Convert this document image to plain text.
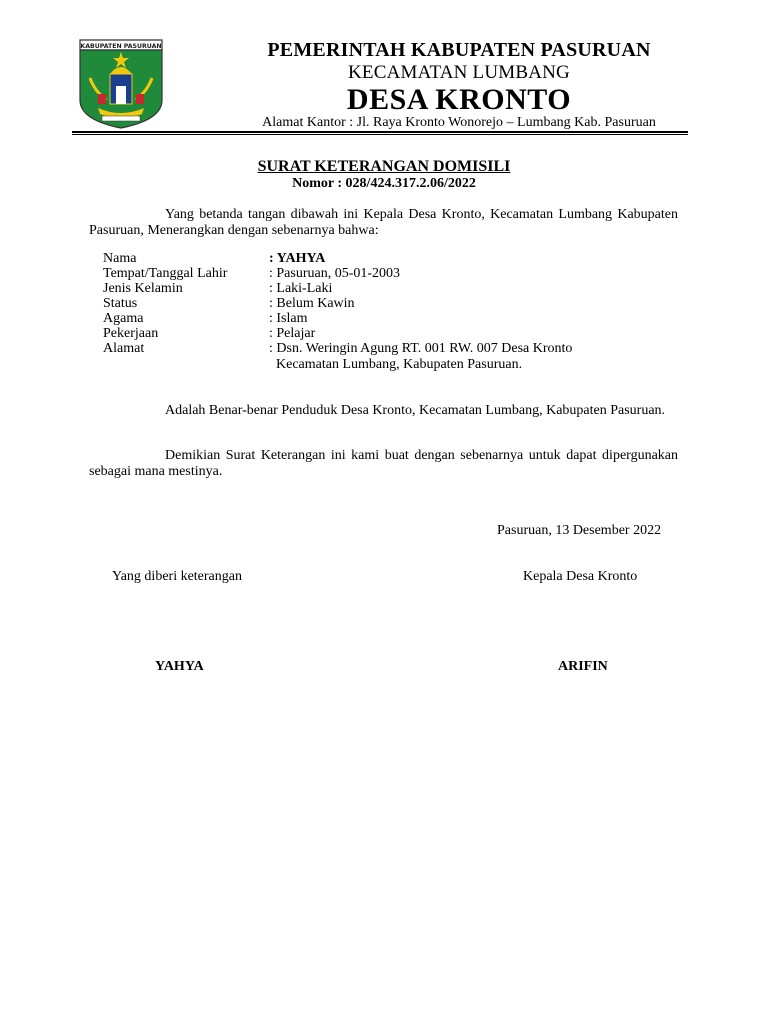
KABUPATEN PASURUAN	PEMERINTAH KABUPATEN PASURUAN
KECAMATAN LUMBANG
DESA KRONTO
Alamat Kantor : Jl. Raya Kronto Wonorejo – Lumbang Kab. Pasuruan
SURAT KETERANGAN DOMISILI
Nomor : 028/424.317.2.06/2022
Yang betanda tangan dibawah ini Kepala Desa Kronto, Kecamatan Lumbang Kabupaten Pasuruan, Menerangkan dengan sebenarnya bahwa:
Nama	: YAHYA
Tempat/Tanggal Lahir	: Pasuruan, 05-01-2003
Jenis Kelamin	: Laki-Laki
Status	: Belum Kawin
Agama	: Islam
Pekerjaan	: Pelajar
Alamat	: Dsn. Weringin Agung RT. 001 RW. 007 Desa Kronto
Kecamatan Lumbang, Kabupaten Pasuruan.
Adalah Benar-benar Penduduk Desa Kronto, Kecamatan Lumbang, Kabupaten Pasuruan.
Demikian Surat Keterangan ini kami buat dengan sebenarnya untuk dapat dipergunakan sebagai mana mestinya.
Pasuruan, 13 Desember 2022
Yang diberi keterangan	Kepala Desa Kronto
YAHYA	ARIFIN
